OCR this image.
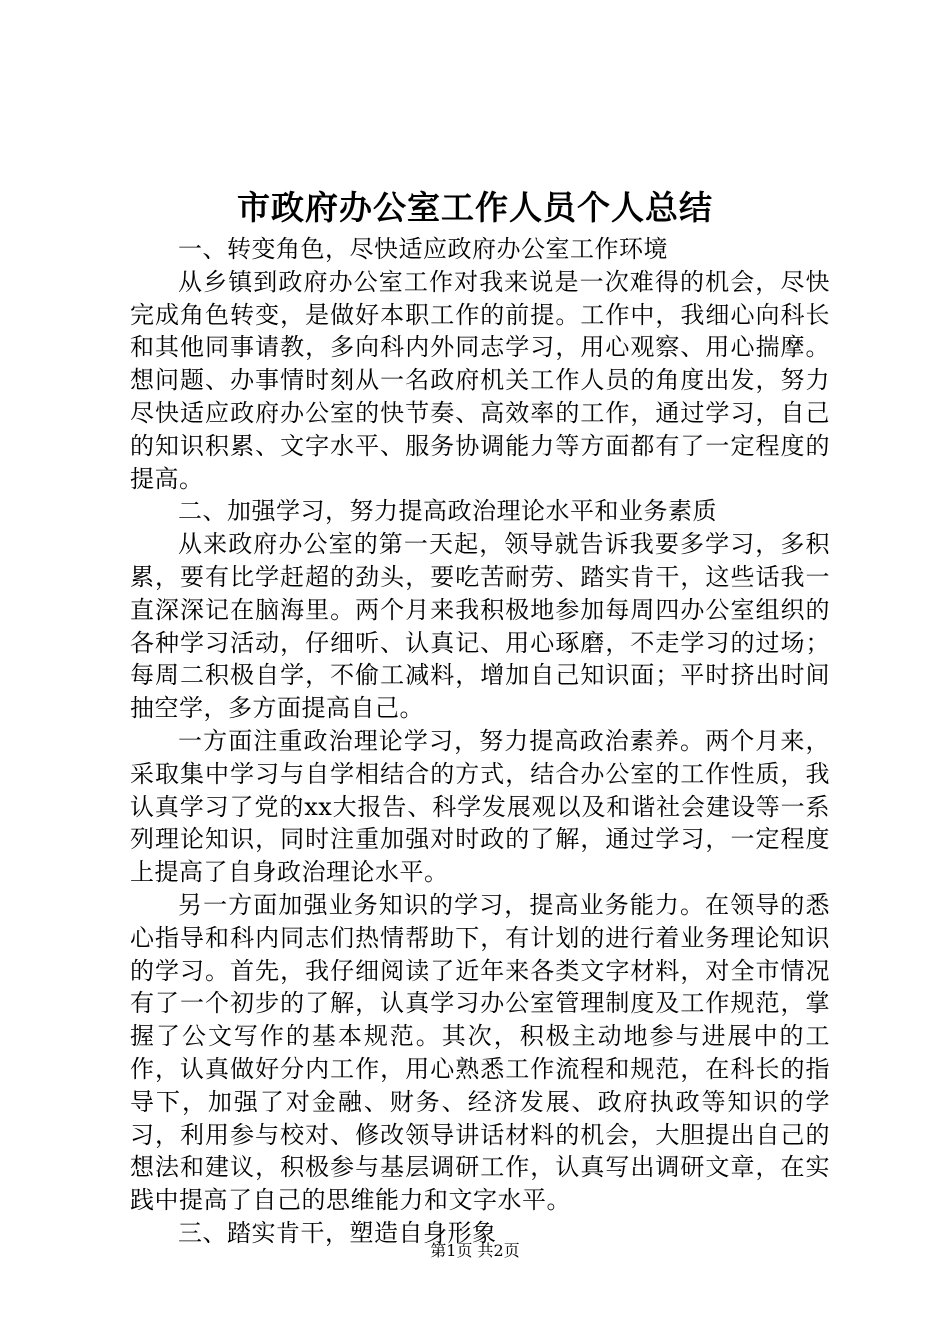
市政府办公室工作人员个人总结

一、转变角色，尽快适应政府办公室工作环境

从乡镇到政府办公室工作对我来说是一次难得的机会，尽快完成角色转变，是做好本职工作的前提。工作中，我细心向科长和其他同事请教，多向科内外同志学习，用心观察、用心揣摩。想问题、办事情时刻从一名政府机关工作人员的角度出发，努力尽快适应政府办公室的快节奏、高效率的工作，通过学习，自己的知识积累、文字水平、服务协调能力等方面都有了一定程度的提高。

二、加强学习，努力提高政治理论水平和业务素质

从来政府办公室的第一天起，领导就告诉我要多学习，多积累，要有比学赶超的劲头，要吃苦耐劳、踏实肯干，这些话我一直深深记在脑海里。两个月来我积极地参加每周四办公室组织的各种学习活动，仔细听、认真记、用心琢磨，不走学习的过场；每周二积极自学，不偷工减料，增加自己知识面；平时挤出时间抽空学，多方面提高自己。

一方面注重政治理论学习，努力提高政治素养。两个月来，采取集中学习与自学相结合的方式，结合办公室的工作性质，我认真学习了党的xx大报告、科学发展观以及和谐社会建设等一系列理论知识，同时注重加强对时政的了解，通过学习，一定程度上提高了自身政治理论水平。

另一方面加强业务知识的学习，提高业务能力。在领导的悉心指导和科内同志们热情帮助下，有计划的进行着业务理论知识的学习。首先，我仔细阅读了近年来各类文字材料，对全市情况有了一个初步的了解，认真学习办公室管理制度及工作规范，掌握了公文写作的基本规范。其次，积极主动地参与进展中的工作，认真做好分内工作，用心熟悉工作流程和规范，在科长的指导下，加强了对金融、财务、经济发展、政府执政等知识的学习，利用参与校对、修改领导讲话材料的机会，大胆提出自己的想法和建议，积极参与基层调研工作，认真写出调研文章，在实践中提高了自己的思维能力和文字水平。

三、踏实肯干，塑造自身形象

第1页 共2页
